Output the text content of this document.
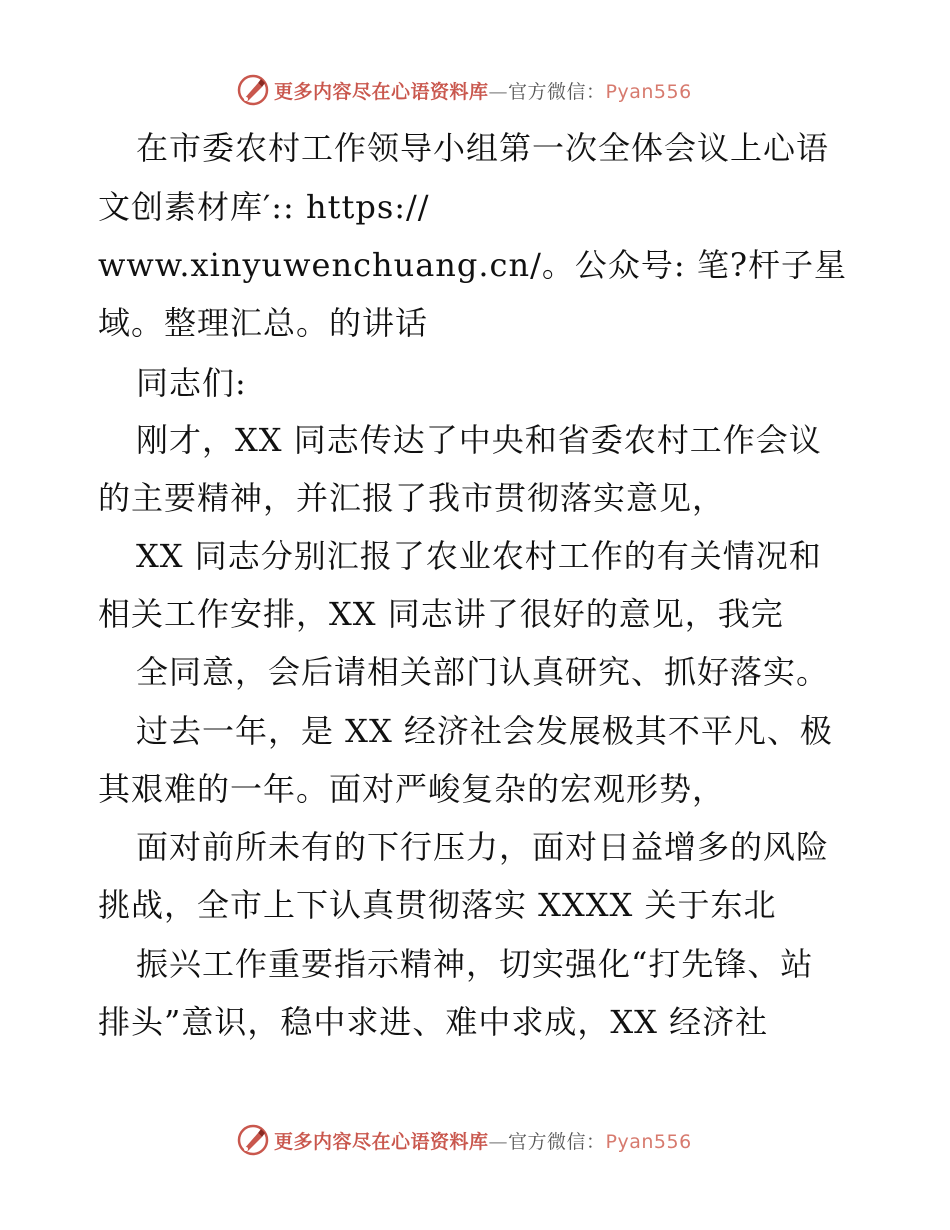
更多内容尽在心语资料库—官方微信：Pyan556
在市委农村工作领导小组第一次全体会议上心语
文创素材库′:: https://
www.xinyuwenchuang.cn/。公众号: 笔?杆子星
域。整理汇总。的讲话
同志们:
刚才，XX 同志传达了中央和省委农村工作会议
的主要精神，并汇报了我市贯彻落实意见，
XX 同志分别汇报了农业农村工作的有关情况和
相关工作安排，XX 同志讲了很好的意见，我完
全同意，会后请相关部门认真研究、抓好落实。
过去一年，是 XX 经济社会发展极其不平凡、极
其艰难的一年。面对严峻复杂的宏观形势，
面对前所未有的下行压力，面对日益增多的风险
挑战，全市上下认真贯彻落实 XXXX 关于东北
振兴工作重要指示精神，切实强化“打先锋、站
排头”意识，稳中求进、难中求成，XX 经济社
更多内容尽在心语资料库—官方微信：Pyan556
